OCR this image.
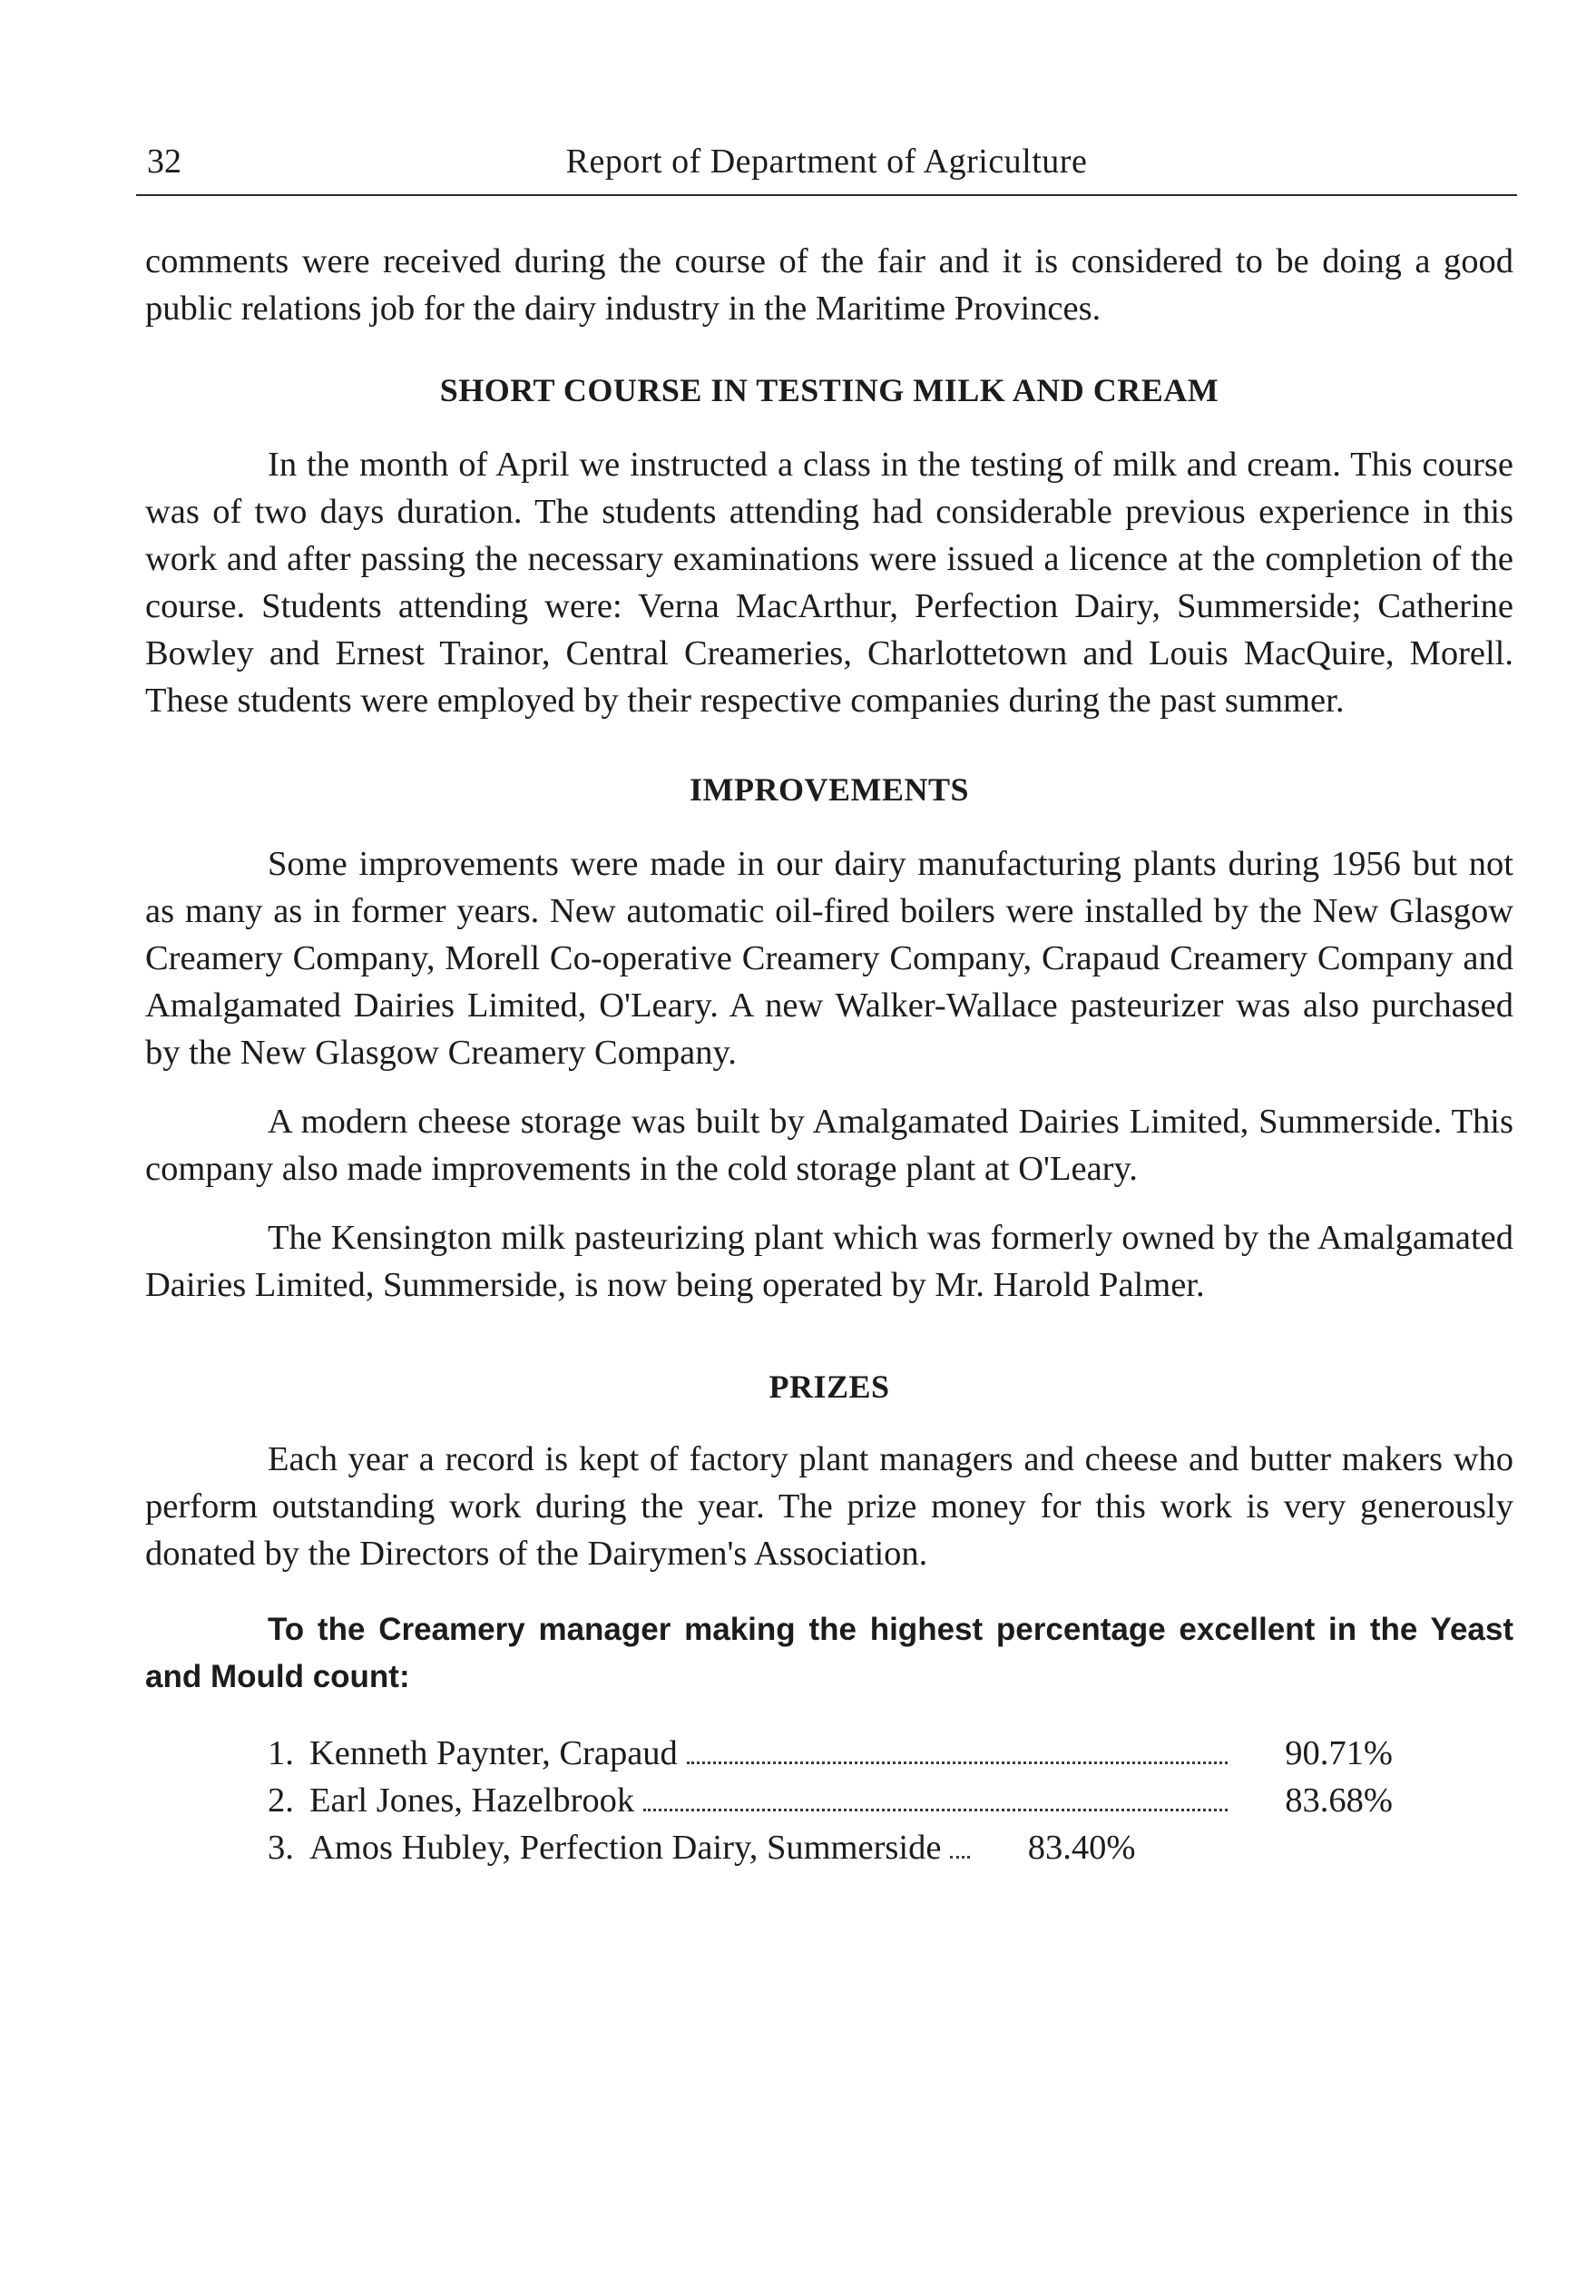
32	Report of Department of Agriculture

comments were received during the course of the fair and it is considered to be doing a good public relations job for the dairy industry in the Maritime Provinces.

SHORT COURSE IN TESTING MILK AND CREAM

In the month of April we instructed a class in the testing of milk and cream. This course was of two days duration. The students attending had considerable previous experience in this work and after passing the necessary examinations were issued a licence at the completion of the course. Students attending were: Verna MacArthur, Perfection Dairy, Summerside; Catherine Bowley and Ernest Trainor, Central Creameries, Charlottetown and Louis MacQuire, Morell. These students were employed by their respective companies during the past summer.

IMPROVEMENTS

Some improvements were made in our dairy manufacturing plants during 1956 but not as many as in former years. New automatic oil-fired boilers were installed by the New Glasgow Creamery Company, Morell Co-operative Creamery Company, Crapaud Creamery Company and Amalgamated Dairies Limited, O'Leary. A new Walker-Wallace pasteurizer was also purchased by the New Glasgow Creamery Company.

A modern cheese storage was built by Amalgamated Dairies Limited, Summerside. This company also made improvements in the cold storage plant at O'Leary.

The Kensington milk pasteurizing plant which was formerly owned by the Amalgamated Dairies Limited, Summerside, is now being operated by Mr. Harold Palmer.

PRIZES

Each year a record is kept of factory plant managers and cheese and butter makers who perform outstanding work during the year. The prize money for this work is very generously donated by the Directors of the Dairymen's Association.

To the Creamery manager making the highest percentage excellent in the Yeast and Mould count:

1. Kenneth Paynter, Crapaud	90.71%
2. Earl Jones, Hazelbrook	83.68%
3. Amos Hubley, Perfection Dairy, Summerside	83.40%
